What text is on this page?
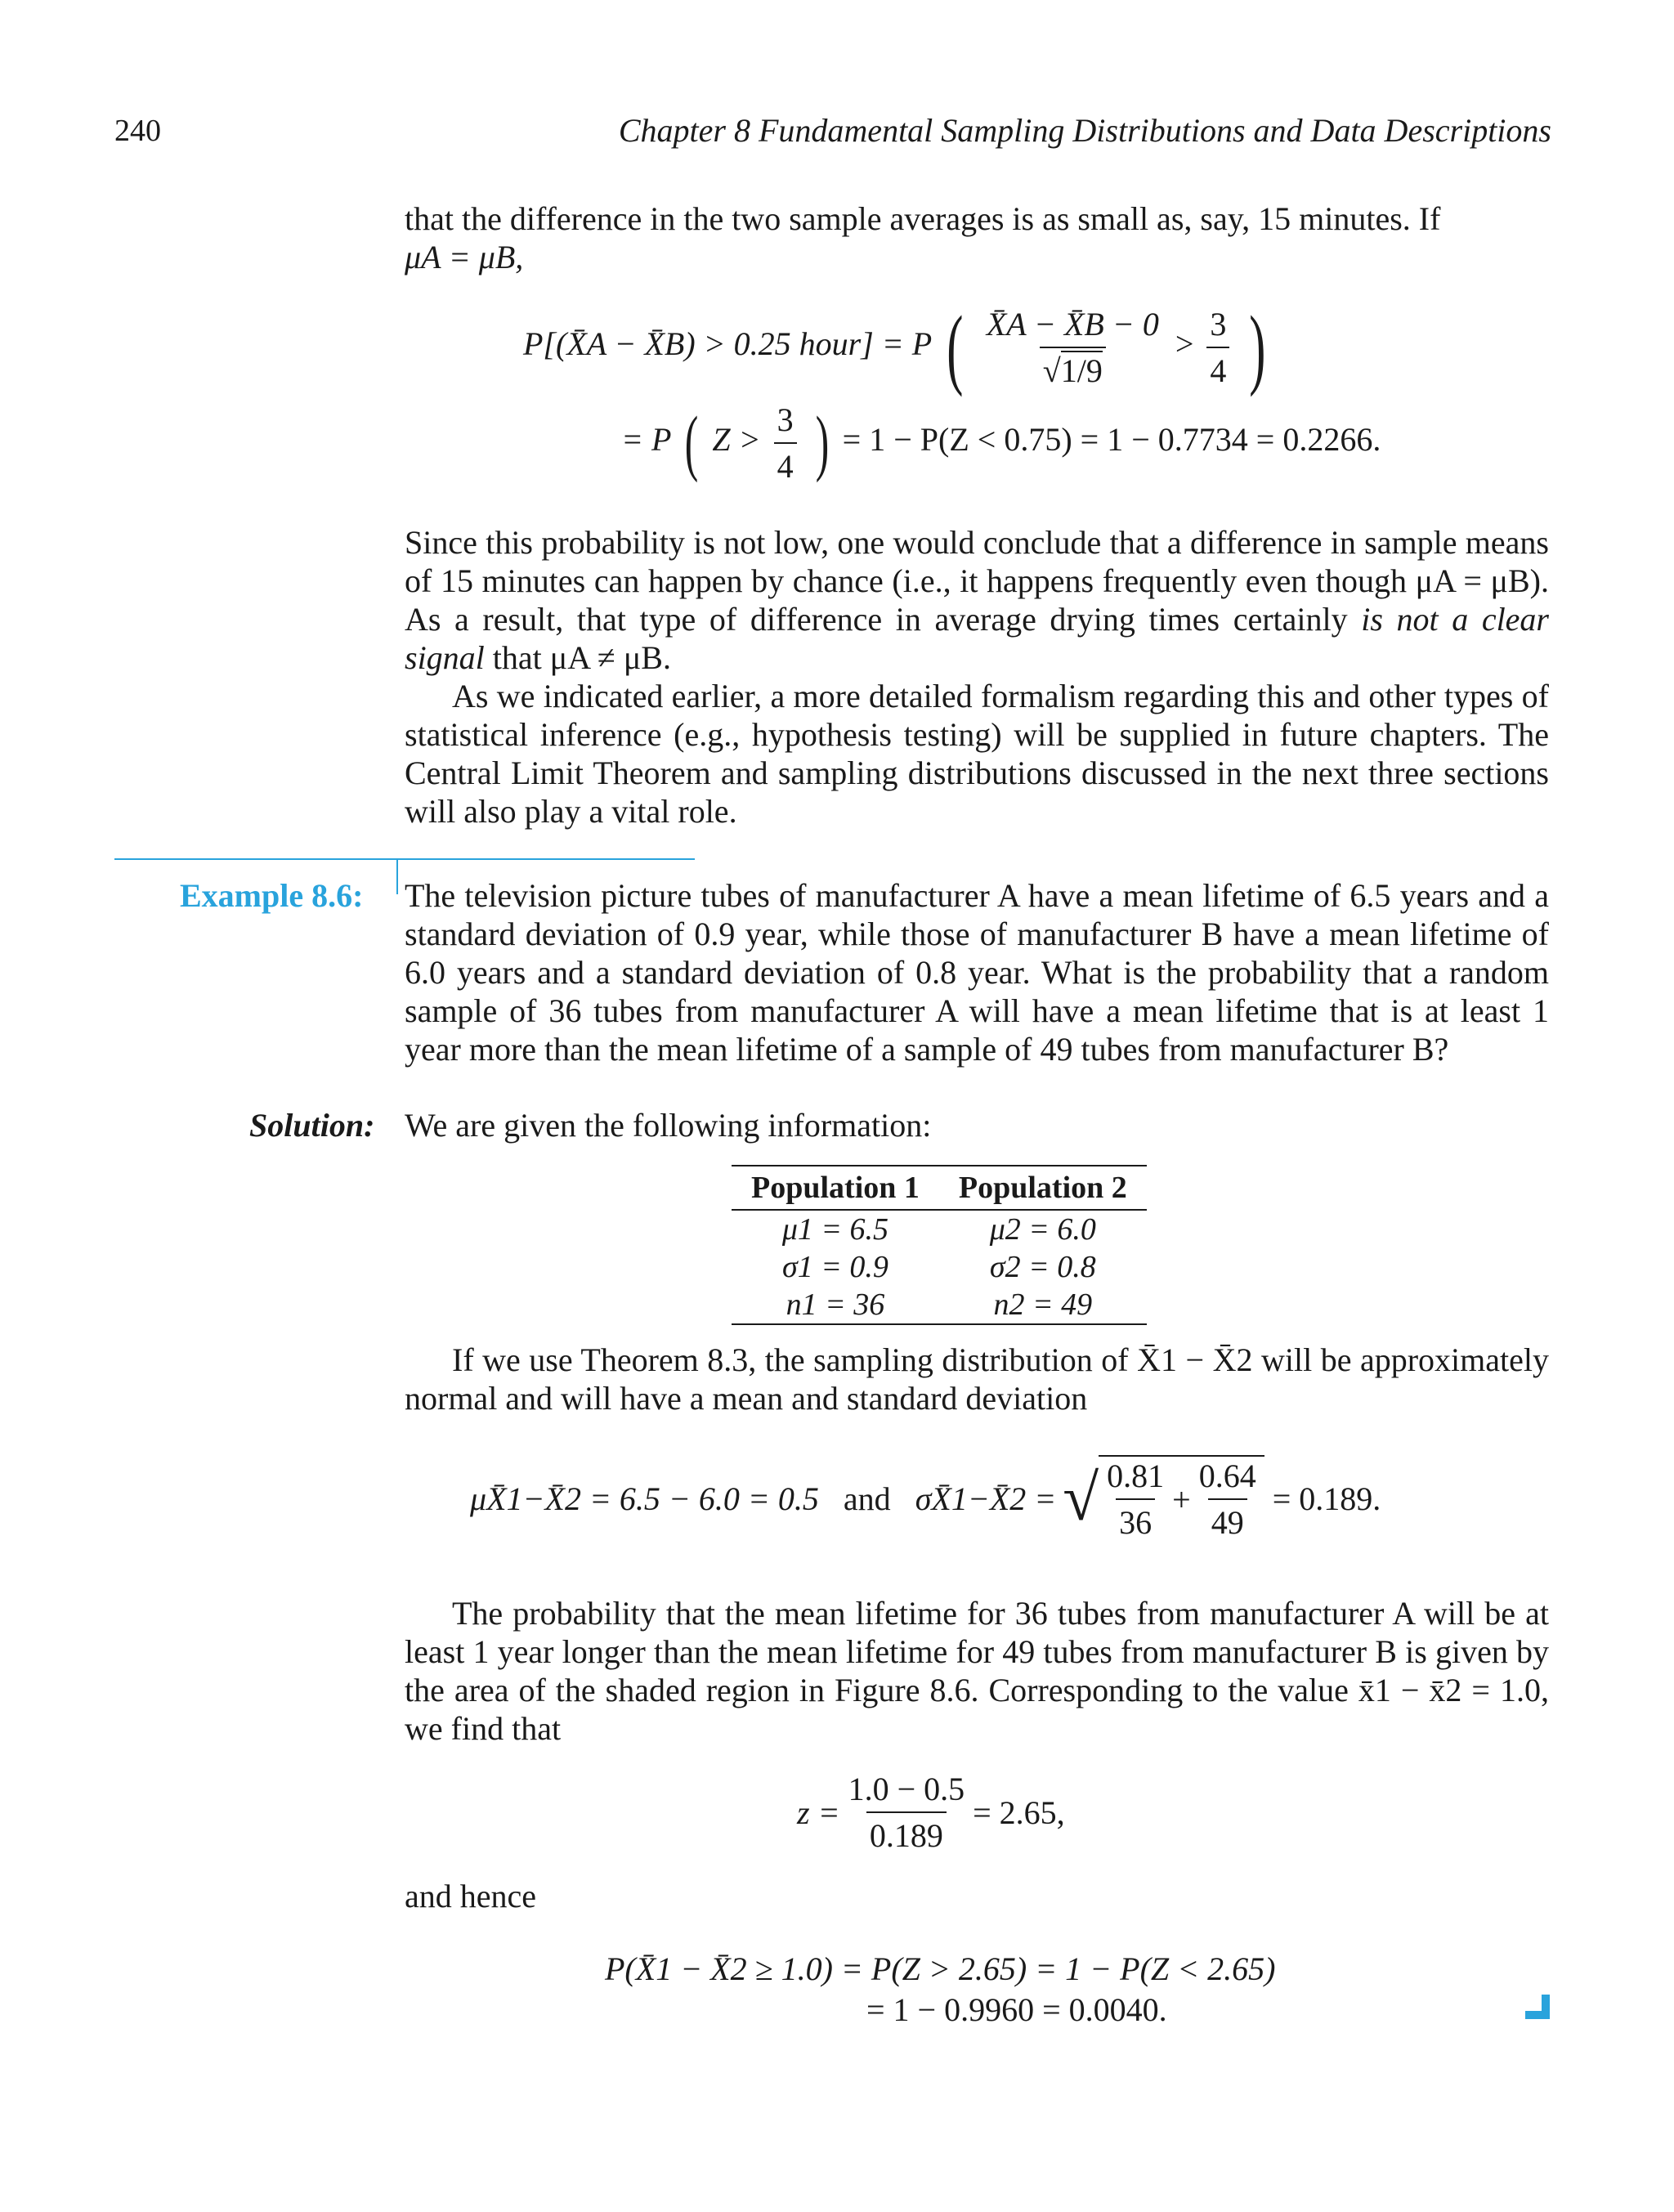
240	Chapter 8 Fundamental Sampling Distributions and Data Descriptions

that the difference in the two sample averages is as small as, say, 15 minutes. If

μA = μB,

P[(X̄A − X̄B) > 0.25 hour] = P ( $\frac{X̄A - X̄B - 0}{√1/9} > \frac{3}{4}$ )
= P ( $Z > \frac{3}{4}$ ) = 1 − P(Z < 0.75) = 1 − 0.7734 = 0.2266.

Since this probability is not low, one would conclude that a difference in sample means of 15 minutes can happen by chance (i.e., it happens frequently even though μA = μB). As a result, that type of difference in average drying times certainly is not a clear signal that μA ≠ μB.

As we indicated earlier, a more detailed formalism regarding this and other types of statistical inference (e.g., hypothesis testing) will be supplied in future chapters. The Central Limit Theorem and sampling distributions discussed in the next three sections will also play a vital role.

Example 8.6: The television picture tubes of manufacturer A have a mean lifetime of 6.5 years and a standard deviation of 0.9 year, while those of manufacturer B have a mean lifetime of 6.0 years and a standard deviation of 0.8 year. What is the probability that a random sample of 36 tubes from manufacturer A will have a mean lifetime that is at least 1 year more than the mean lifetime of a sample of 49 tubes from manufacturer B?
Solution: We are given the following information:
Population 1	Population 2
μ1 = 6.5	μ2 = 6.0
σ1 = 0.9	σ2 = 0.8
n1 = 36	n2 = 49
If we use Theorem 8.3, the sampling distribution of X̄1 − X̄2 will be approximately normal and will have a mean and standard deviation
μX̄1−X̄2 = 6.5 − 6.0 = 0.5 and σX̄1−X̄2 = √ $\frac{0.81}{36} + \frac{0.64}{49} = 0.189$.
The probability that the mean lifetime for 36 tubes from manufacturer A will be at least 1 year longer than the mean lifetime for 49 tubes from manufacturer B is given by the area of the shaded region in Figure 8.6. Corresponding to the value x̄1 − x̄2 = 1.0, we find that
$z = \frac{1.0 - 0.5}{0.189} = 2.65$,
and hence
P(X̄1 − X̄2 ≥ 1.0) = P(Z > 2.65) = 1 − P(Z < 2.65)
= 1 − 0.9960 = 0.0040.
